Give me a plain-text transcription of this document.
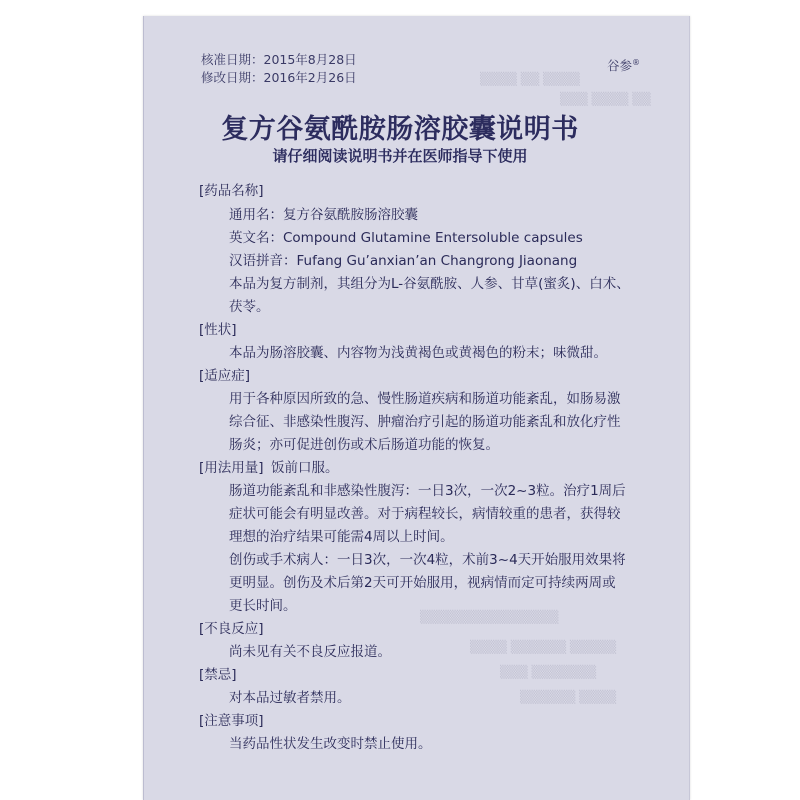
▒▒▒▒ ▒▒ ▒▒▒▒
▒▒▒ ▒▒▒▒ ▒▒
▒▒▒▒▒▒▒▒▒▒▒▒▒▒▒
▒▒▒▒ ▒▒▒▒▒▒ ▒▒▒▒▒
▒▒▒ ▒▒▒▒▒▒▒
▒▒▒▒▒▒ ▒▒▒▒
核准日期：2015年8月28日
修改日期：2016年2月26日
谷参®
复方谷氨酰胺肠溶胶囊说明书
请仔细阅读说明书并在医师指导下使用
[药品名称]
通用名：复方谷氨酰胺肠溶胶囊
英文名：Compound Glutamine Entersoluble capsules
汉语拼音：Fufang Gu’anxian’an Changrong Jiaonang
本品为复方制剂，其组分为L-谷氨酰胺、人参、甘草(蜜炙)、白术、
茯苓。
[性状]
本品为肠溶胶囊、内容物为浅黄褐色或黄褐色的粉末；味微甜。
[适应症]
用于各种原因所致的急、慢性肠道疾病和肠道功能紊乱，如肠易激
综合征、非感染性腹泻、肿瘤治疗引起的肠道功能紊乱和放化疗性
肠炎；亦可促进创伤或术后肠道功能的恢复。
[用法用量] 饭前口服。
肠道功能紊乱和非感染性腹泻：一日3次，一次2~3粒。治疗1周后
症状可能会有明显改善。对于病程较长，病情较重的患者，获得较
理想的治疗结果可能需4周以上时间。
创伤或手术病人：一日3次，一次4粒，术前3~4天开始服用效果将
更明显。创伤及术后第2天可开始服用，视病情而定可持续两周或
更长时间。
[不良反应]
尚未见有关不良反应报道。
[禁忌]
对本品过敏者禁用。
[注意事项]
当药品性状发生改变时禁止使用。
